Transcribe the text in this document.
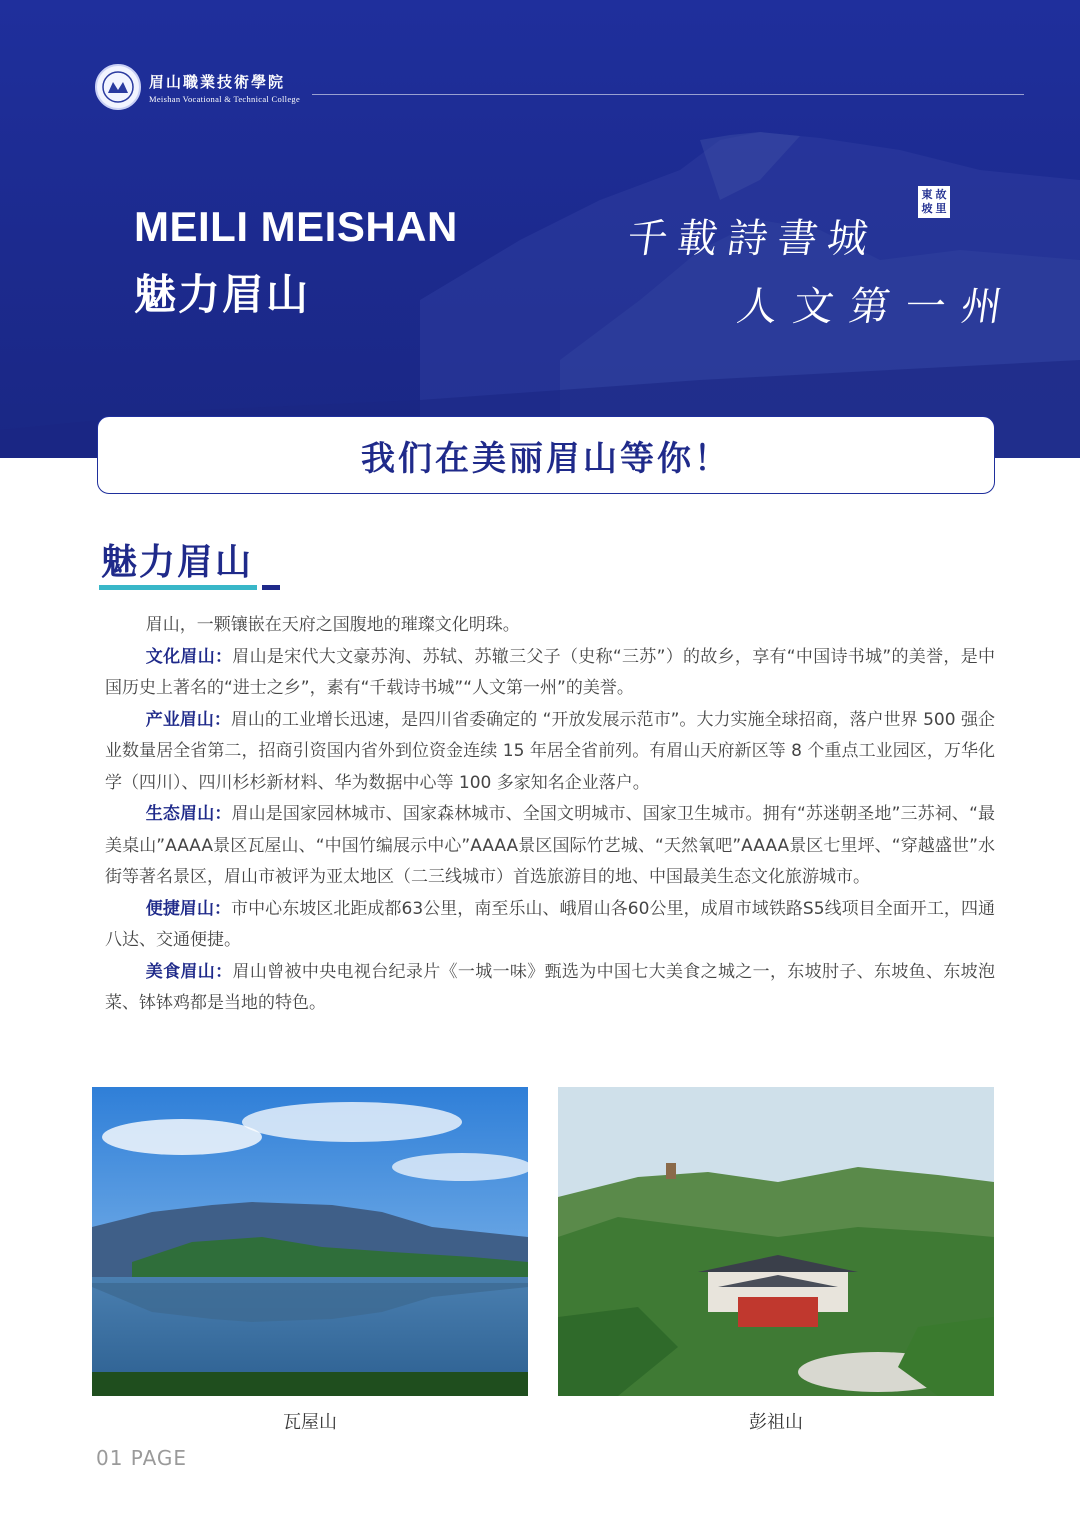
眉山職業技術學院
Meishan Vocational & Technical College
MEILI MEISHAN
魅力眉山
千載詩書城
人文第一州
東 故
坡 里
我们在美丽眉山等你！
魅力眉山

眉山，一颗镶嵌在天府之国腹地的璀璨文化明珠。

文化眉山：眉山是宋代大文豪苏洵、苏轼、苏辙三父子（史称“三苏”）的故乡，享有“中国诗书城”的美誉，是中国历史上著名的“进士之乡”，素有“千载诗书城”“人文第一州”的美誉。

产业眉山：眉山的工业增长迅速，是四川省委确定的 “开放发展示范市”。大力实施全球招商，落户世界 500 强企业数量居全省第二，招商引资国内省外到位资金连续 15 年居全省前列。有眉山天府新区等 8 个重点工业园区，万华化学（四川）、四川杉杉新材料、华为数据中心等 100 多家知名企业落户。

生态眉山：眉山是国家园林城市、国家森林城市、全国文明城市、国家卫生城市。拥有“苏迷朝圣地”三苏祠、“最美桌山”AAAA景区瓦屋山、“中国竹编展示中心”AAAA景区国际竹艺城、“天然氧吧”AAAA景区七里坪、“穿越盛世”水街等著名景区，眉山市被评为亚太地区（二三线城市）首选旅游目的地、中国最美生态文化旅游城市。

便捷眉山：市中心东坡区北距成都63公里，南至乐山、峨眉山各60公里，成眉市域铁路S5线项目全面开工，四通八达、交通便捷。

美食眉山：眉山曾被中央电视台纪录片《一城一味》甄选为中国七大美食之城之一，东坡肘子、东坡鱼、东坡泡菜、钵钵鸡都是当地的特色。

瓦屋山	彭祖山
01 PAGE
